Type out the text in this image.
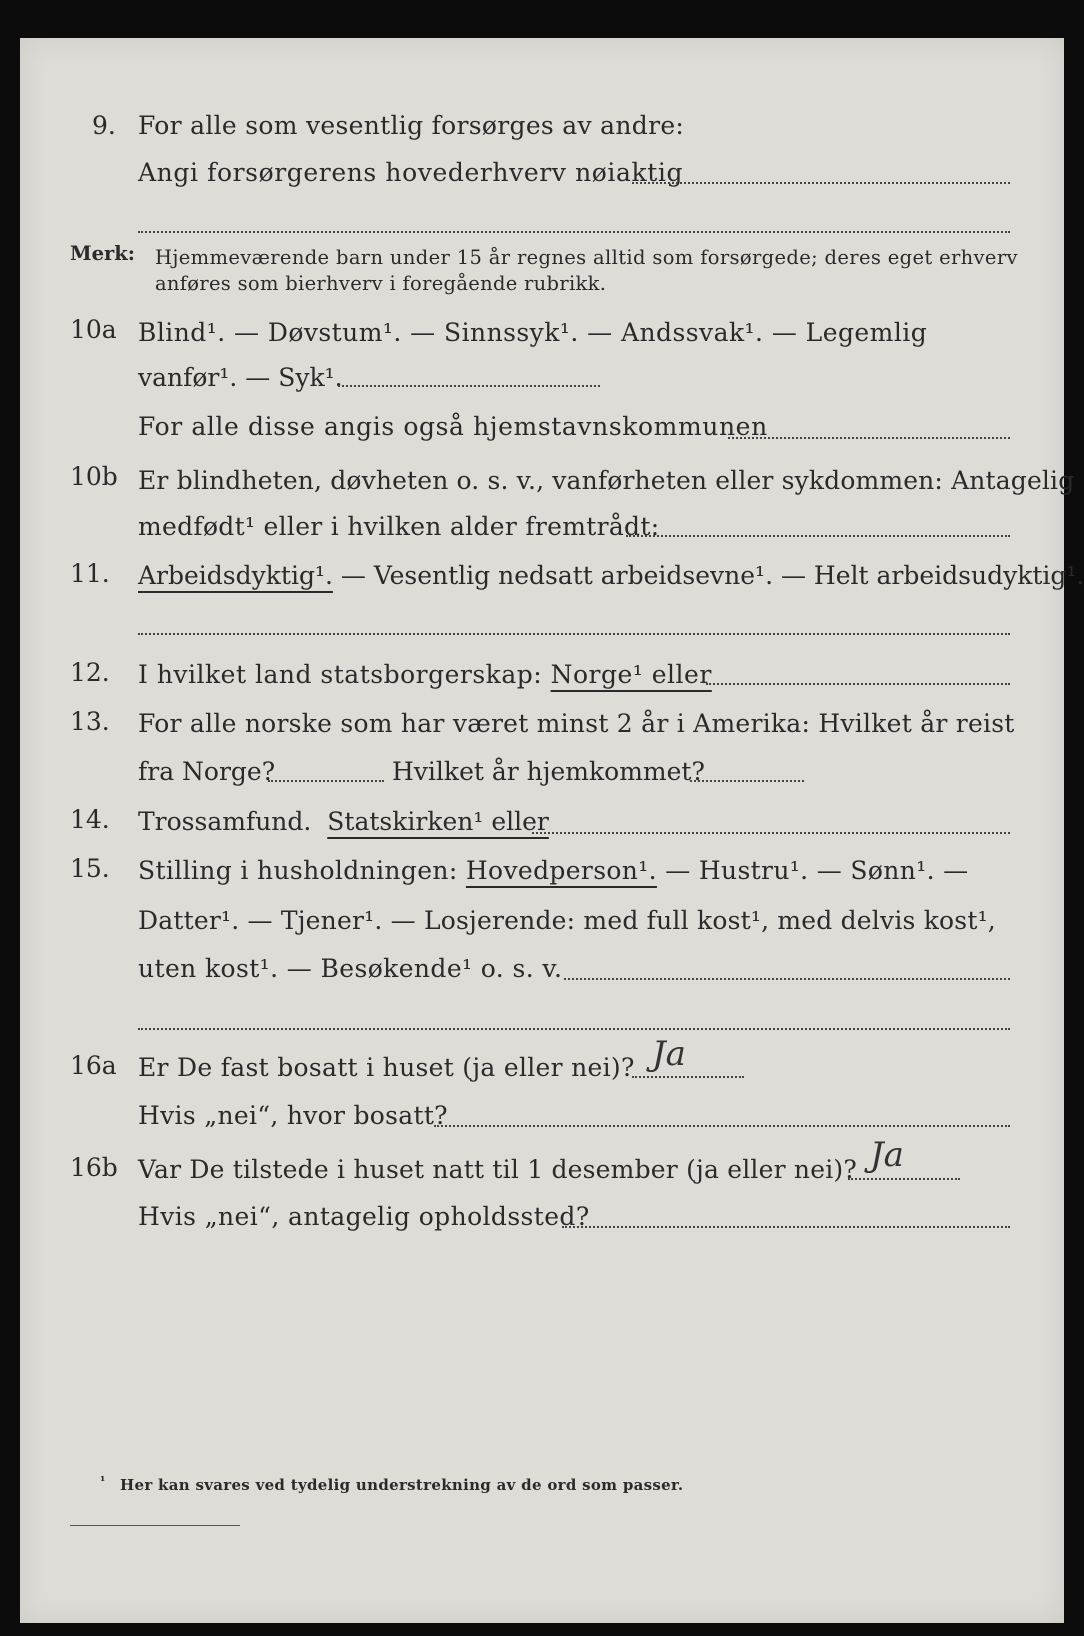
9. For alle som vesentlig forsørges av andre:
Angi forsørgerens hovederhverv nøiaktig
Merk: Hjemmeværende barn under 15 år regnes alltid som forsørgede; deres eget erhverv
anføres som bierhverv i foregående rubrikk.
10a Blind¹. — Døvstum¹. — Sinnssyk¹. — Andssvak¹. — Legemlig
vanfør¹. — Syk¹.
For alle disse angis også hjemstavnskommunen
10b Er blindheten, døvheten o. s. v., vanførheten eller sykdommen: Antagelig
medfødt¹ eller i hvilken alder fremtrådt:
11. Arbeidsdyktig¹. — Vesentlig nedsatt arbeidsevne¹. — Helt arbeidsudyktig¹.
12. I hvilket land statsborgerskap: Norge¹ eller
13. For alle norske som har været minst 2 år i Amerika: Hvilket år reist
fra Norge?	Hvilket år hjemkommet?
14. Trossamfund. Statskirken¹ eller
15. Stilling i husholdningen: Hovedperson¹. — Hustru¹. — Sønn¹. —
Datter¹. — Tjener¹. — Losjerende: med full kost¹, med delvis kost¹,
uten kost¹. — Besøkende¹ o. s. v.
16a Er De fast bosatt i huset (ja eller nei)? Ja
Hvis „nei“, hvor bosatt?
16b Var De tilstede i huset natt til 1 desember (ja eller nei)? Ja
Hvis „nei“, antagelig opholdssted?
¹ Her kan svares ved tydelig understrekning av de ord som passer.
